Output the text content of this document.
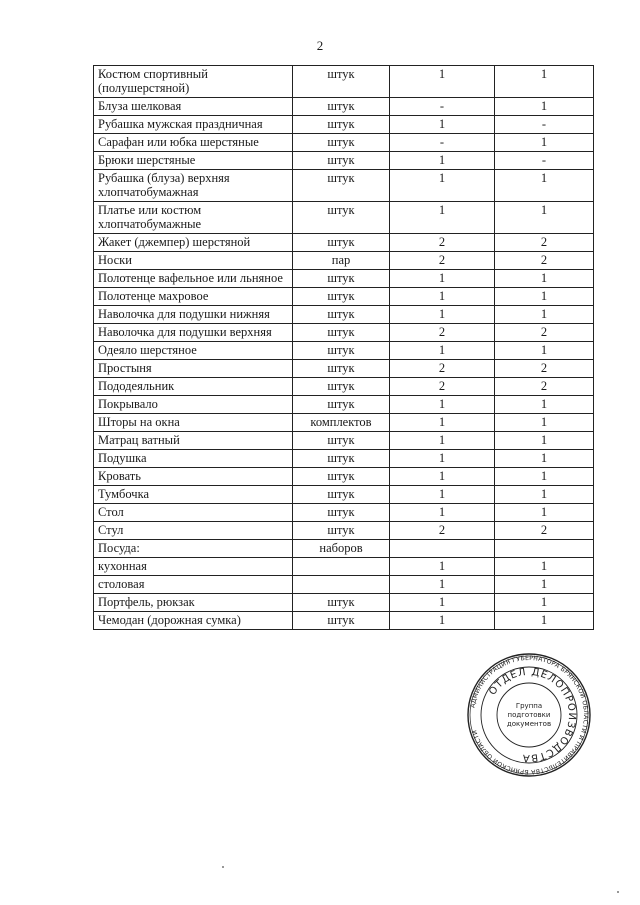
2
Костюм спортивный (полушерстяной)	штук	1	1
Блуза шелковая	штук	-	1
Рубашка мужская праздничная	штук	1	-
Сарафан или юбка шерстяные	штук	-	1
Брюки шерстяные	штук	1	-
Рубашка (блуза) верхняя хлопчатобумажная	штук	1	1
Платье или костюм хлопчатобумажные	штук	1	1
Жакет (джемпер) шерстяной	штук	2	2
Носки	пар	2	2
Полотенце вафельное или льняное	штук	1	1
Полотенце махровое	штук	1	1
Наволочка для подушки нижняя	штук	1	1
Наволочка для подушки верхняя	штук	2	2
Одеяло шерстяное	штук	1	1
Простыня	штук	2	2
Пододеяльник	штук	2	2
Покрывало	штук	1	1
Шторы на окна	комплектов	1	1
Матрац ватный	штук	1	1
Подушка	штук	1	1
Кровать	штук	1	1
Тумбочка	штук	1	1
Стол	штук	1	1
Стул	штук	2	2
Посуда:	наборов		
кухонная		1	1
столовая		1	1
Портфель, рюкзак	штук	1	1
Чемодан (дорожная сумка)	штук	1	1
АДМИНИСТРАЦИЯ ГУБЕРНАТОРА БРЯНСКОЙ ОБЛАСТИ И ПРАВИТЕЛЬСТВА БРЯНСКОЙ ОБЛАСТИ
ОТДЕЛ ДЕЛОПРОИЗВОДСТВА
Группа
подготовки
документов
